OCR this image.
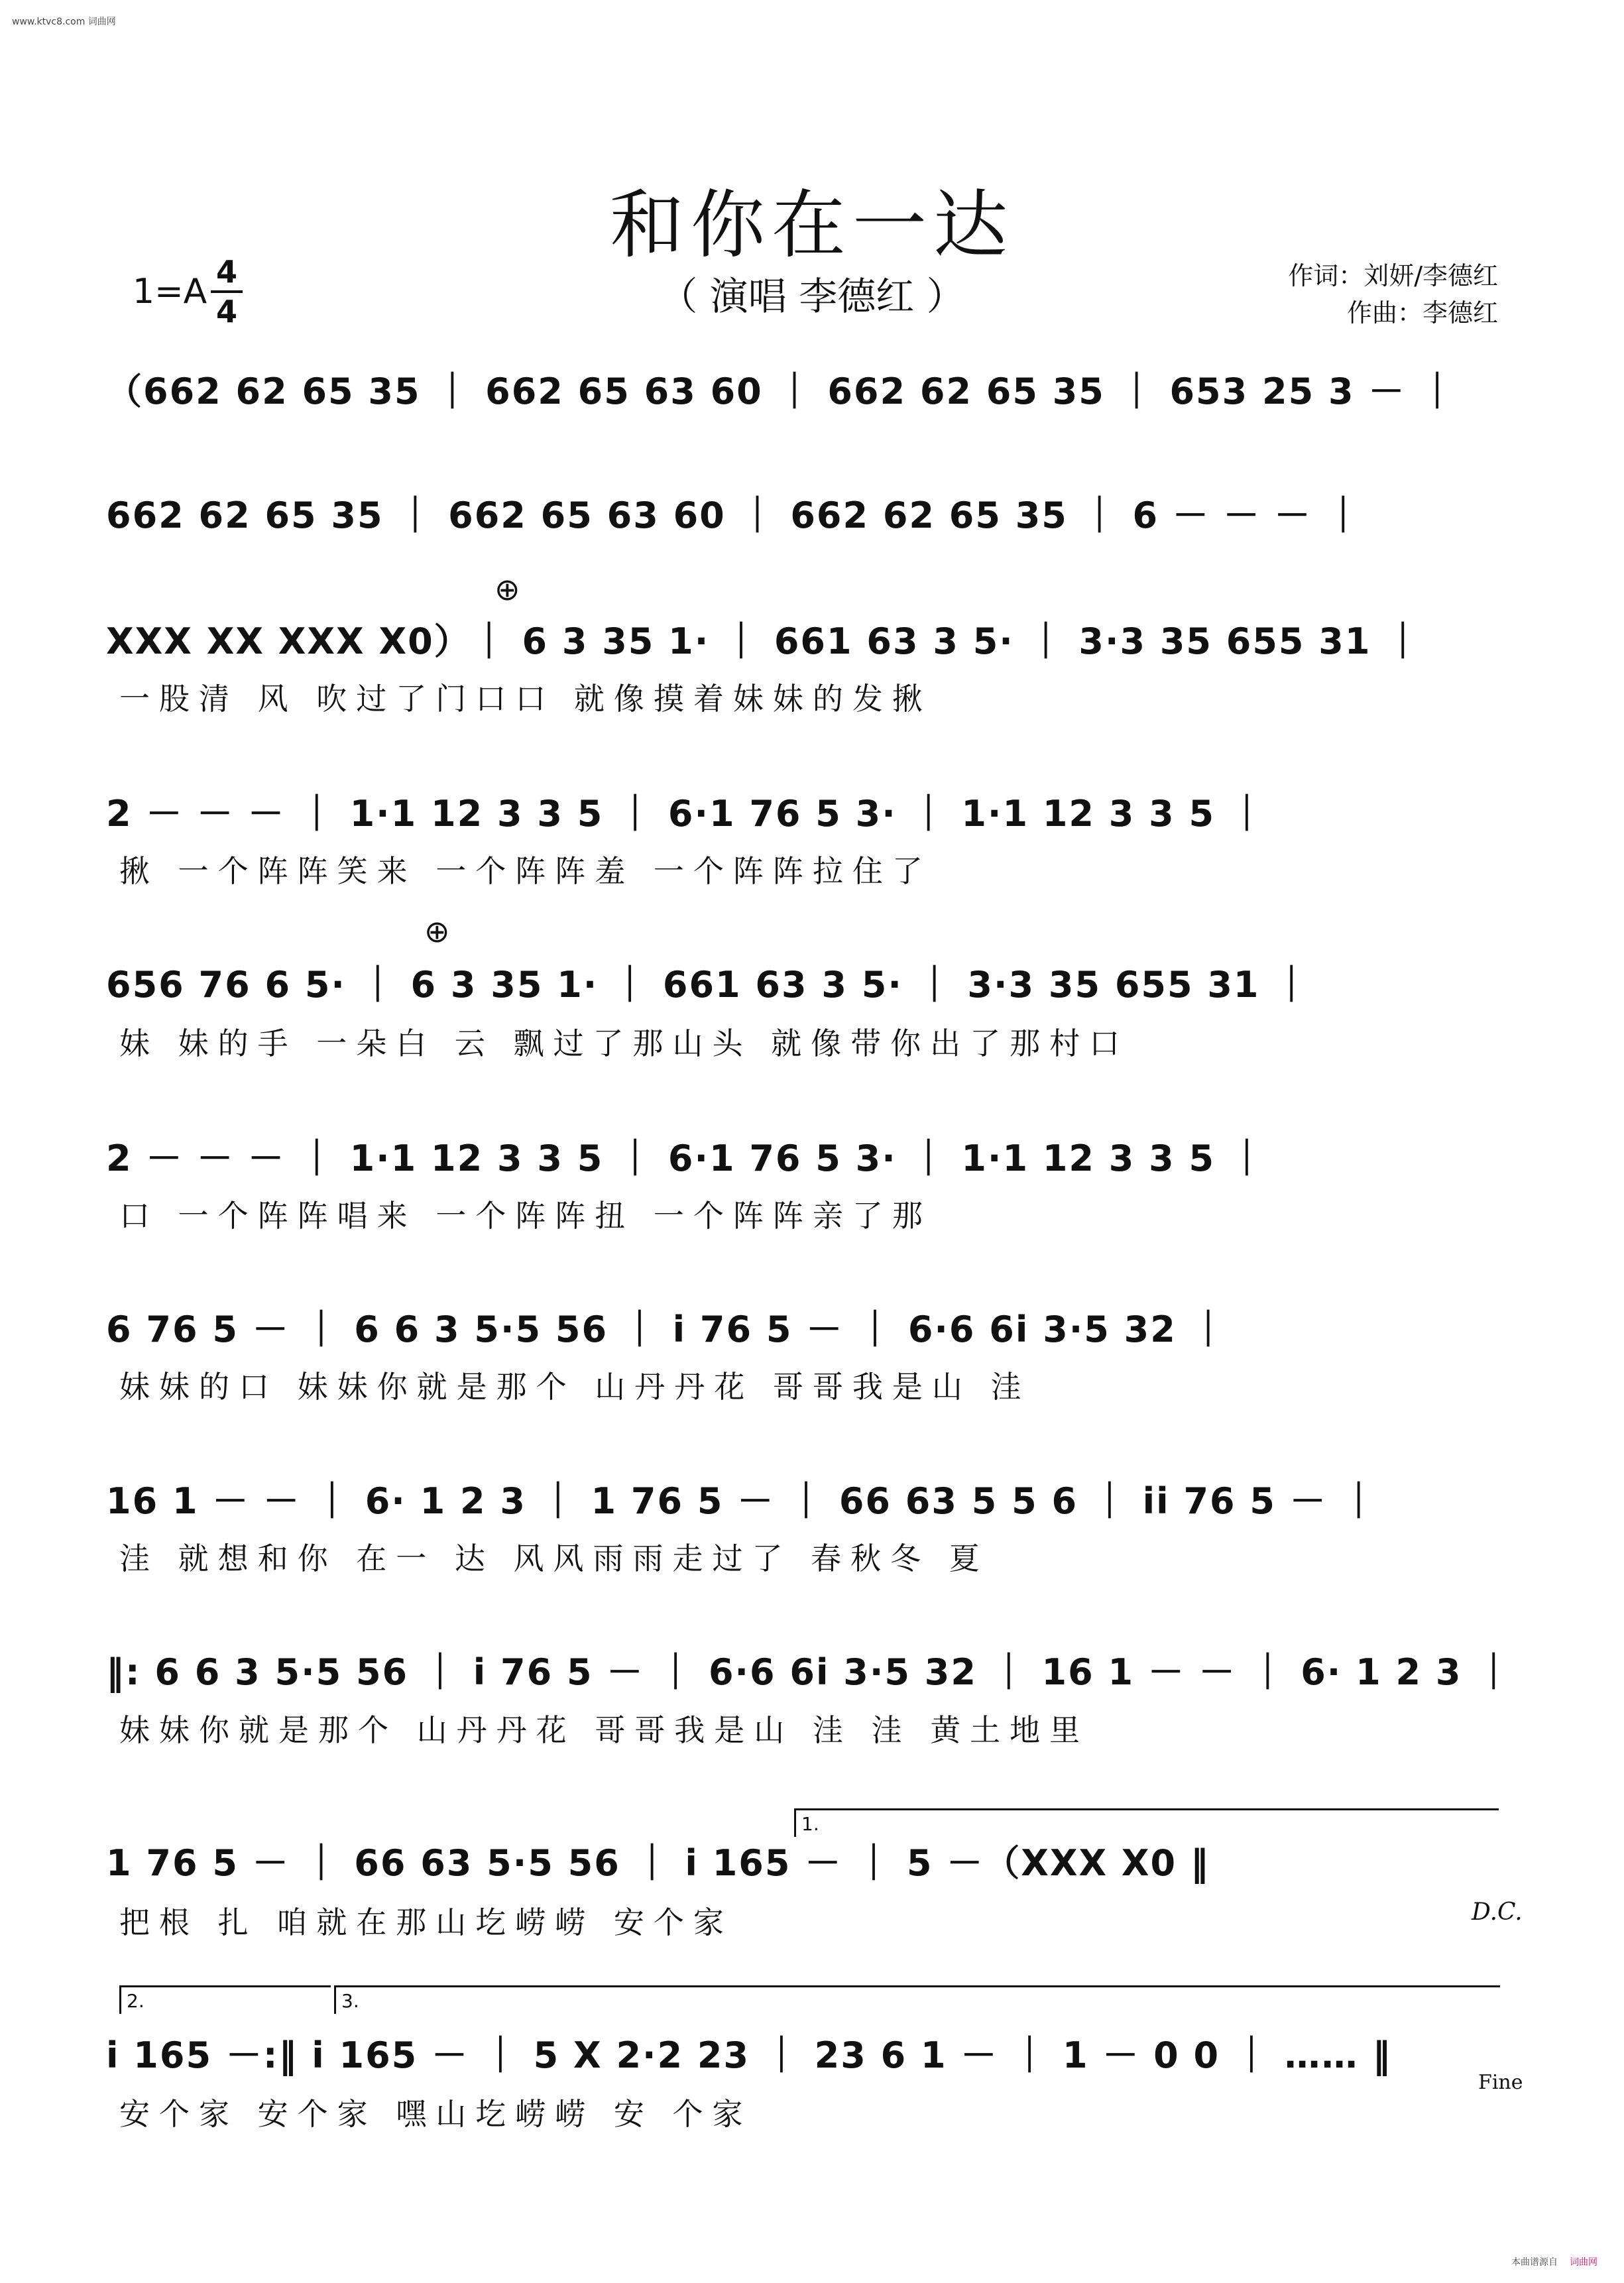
www.ktvc8.com 词曲网
和你在一达
（ 演唱 李德红 ）
1=A 4
4
作词：刘妍/李德红
作曲：李德红
（662 62 65 35 ｜ 662 65 63 60 ｜ 662 62 65 35 ｜ 653 25 3 － ｜
662 62 65 35 ｜ 662 65 63 60 ｜ 662 62 65 35 ｜ 6 － － － ｜
⊕
XXX XX XXX X0）｜ 6 3 35 1· ｜ 661 63 3 5· ｜ 3·3 35 655 31 ｜
一股清 风 吹过了门口口 就像摸着妹妹的发揪
2 － － － ｜ 1·1 12 3 3 5 ｜ 6·1 76 5 3· ｜ 1·1 12 3 3 5 ｜
揪 一个阵阵笑来 一个阵阵羞 一个阵阵拉住了
⊕
656 76 6 5· ｜ 6 3 35 1· ｜ 661 63 3 5· ｜ 3·3 35 655 31 ｜
妹 妹的手 一朵白 云 飘过了那山头 就像带你出了那村口
2 － － － ｜ 1·1 12 3 3 5 ｜ 6·1 76 5 3· ｜ 1·1 12 3 3 5 ｜
口 一个阵阵唱来 一个阵阵扭 一个阵阵亲了那
6 76 5 － ｜ 6 6 3 5·5 56 ｜ i 76 5 － ｜ 6·6 6i 3·5 32 ｜
妹妹的口 妹妹你就是那个 山丹丹花 哥哥我是山 洼
16 1 － － ｜ 6· 1 2 3 ｜ 1 76 5 － ｜ 66 63 5 5 6 ｜ ii 76 5 － ｜
洼 就想和你 在一 达 风风雨雨走过了 春秋冬 夏
‖: 6 6 3 5·5 56 ｜ i 76 5 － ｜ 6·6 6i 3·5 32 ｜ 16 1 － － ｜ 6· 1 2 3 ｜
妹妹你就是那个 山丹丹花 哥哥我是山 洼 洼 黄土地里
1.
1 76 5 － ｜ 66 63 5·5 56 ｜ i 165 － ｜ 5 －（XXX X0 ‖
把根 扎 咱就在那山圪崂崂 安个家	D.C.
2.	3.
i 165 －:‖ i 165 － ｜ 5 X 2·2 23 ｜ 23 6 1 － ｜ 1 － 0 0 ｜ …… ‖
安个家 安个家 嘿山圪崂崂 安 个家
Fine
本曲谱源自 词曲网
